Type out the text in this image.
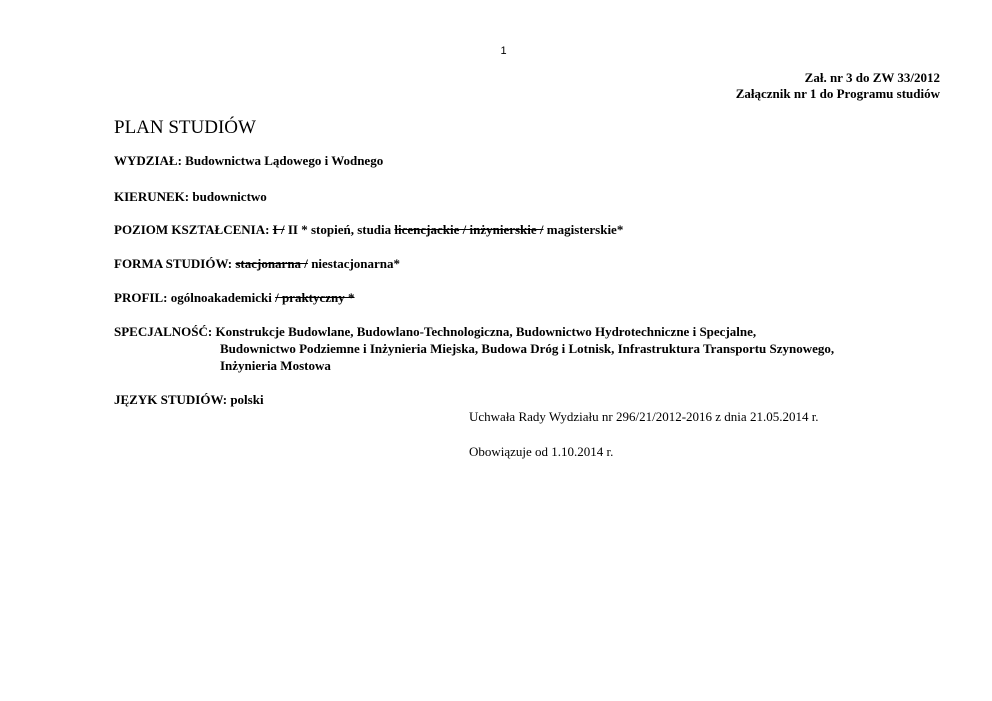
1
Zał. nr 3 do ZW 33/2012
Załącznik nr 1 do Programu studiów
PLAN STUDIÓW
WYDZIAŁ: Budownictwa Lądowego i Wodnego
KIERUNEK: budownictwo
POZIOM KSZTAŁCENIA: I / II * stopień, studia licencjackie / inżynierskie / magisterskie*
FORMA STUDIÓW: stacjonarna / niestacjonarna*
PROFIL: ogólnoakademicki / praktyczny *
SPECJALNOŚĆ: Konstrukcje Budowlane, Budowlano-Technologiczna, Budownictwo Hydrotechniczne i Specjalne,
Budownictwo Podziemne i Inżynieria Miejska, Budowa Dróg i Lotnisk, Infrastruktura Transportu Szynowego,
Inżynieria Mostowa
JĘZYK STUDIÓW: polski
Uchwała Rady Wydziału nr 296/21/2012-2016 z dnia 21.05.2014 r.
Obowiązuje od 1.10.2014 r.
